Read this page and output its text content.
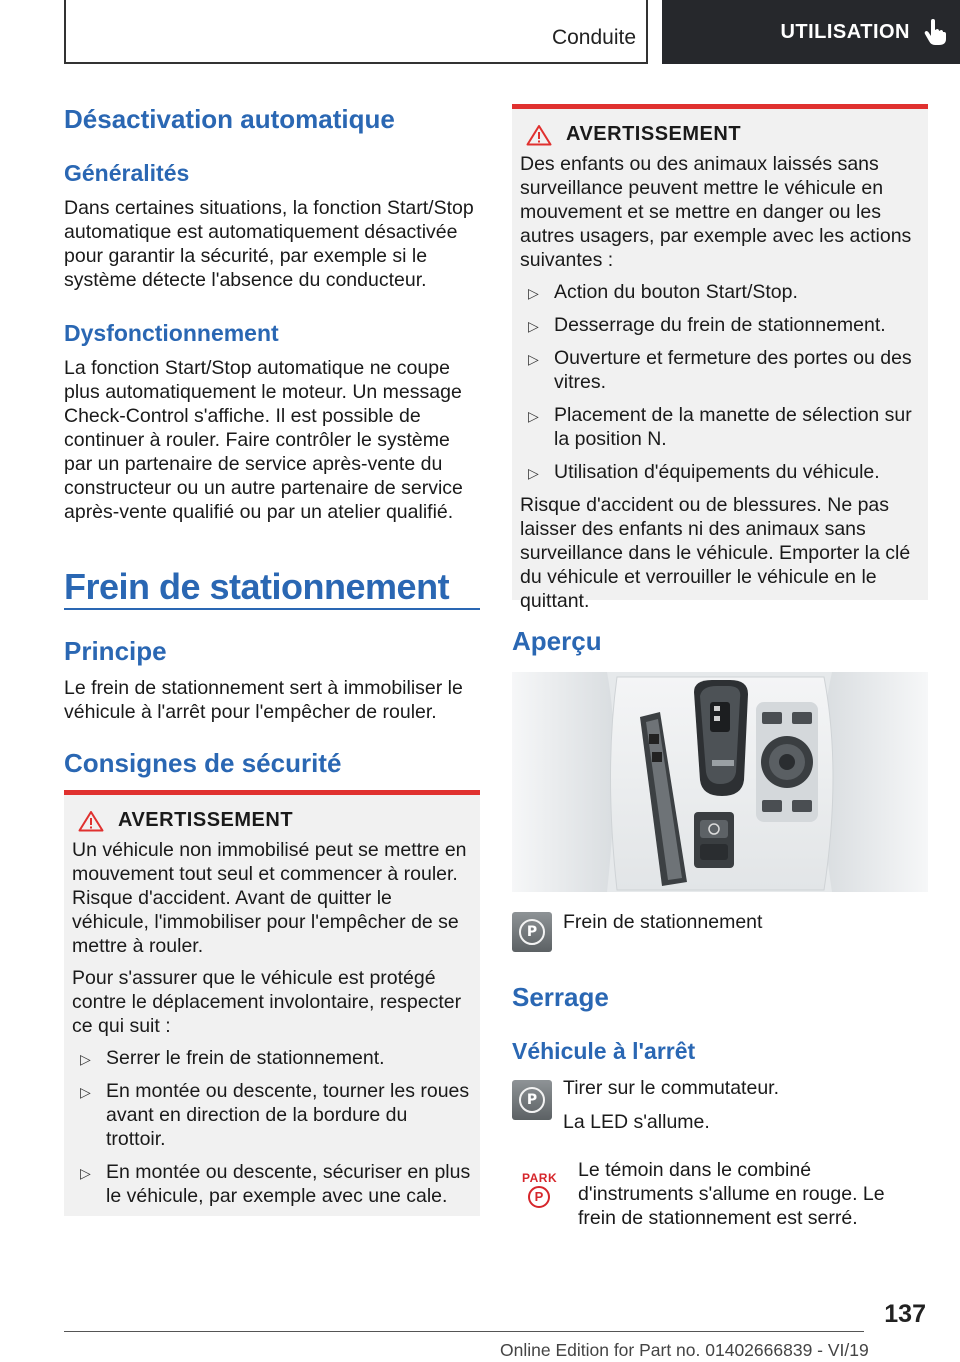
Conduite	UTILISATION
Désactivation automatique
Généralités

Dans certaines situations, la fonction Start/Stop automatique est automatiquement désactivée pour garantir la sécurité, par exemple si le système détecte l'absence du conducteur.

Dysfonctionnement

La fonction Start/Stop automatique ne coupe plus automatiquement le moteur. Un message Check-Control s'affiche. Il est possible de continuer à rouler. Faire contrôler le système par un partenaire de service après-vente du constructeur ou un autre partenaire de service après-vente qualifié ou par un atelier qualifié.

Frein de stationnement
Principe

Le frein de stationnement sert à immobiliser le véhicule à l'arrêt pour l'empêcher de rouler.

Consignes de sécurité
AVERTISSEMENT

Un véhicule non immobilisé peut se mettre en mouvement tout seul et commencer à rouler. Risque d'accident. Avant de quitter le véhicule, l'immobiliser pour l'empêcher de se mettre à rouler.

Pour s'assurer que le véhicule est protégé contre le déplacement involontaire, respecter ce qui suit :

▷ Serrer le frein de stationnement.
▷ En montée ou descente, tourner les roues avant en direction de la bordure du trottoir.
▷ En montée ou descente, sécuriser en plus le véhicule, par exemple avec une cale.
AVERTISSEMENT

Des enfants ou des animaux laissés sans surveillance peuvent mettre le véhicule en mouvement et se mettre en danger ou les autres usagers, par exemple avec les actions suivantes :

▷ Action du bouton Start/Stop.
▷ Desserrage du frein de stationnement.
▷ Ouverture et fermeture des portes ou des vitres.
▷ Placement de la manette de sélection sur la position N.
▷ Utilisation d'équipements du véhicule.

Risque d'accident ou de blessures. Ne pas laisser des enfants ni des animaux sans surveillance dans le véhicule. Emporter la clé du véhicule et verrouiller le véhicule en le quittant.

Aperçu
P	Frein de stationnement

Serrage
Véhicule à l'arrêt
P

Tirer sur le commutateur.

La LED s'allume.

PARK
P

Le témoin dans le combiné d'instruments s'allume en rouge. Le frein de stationnement est serré.

137
Online Edition for Part no. 01402666839 - VI/19
